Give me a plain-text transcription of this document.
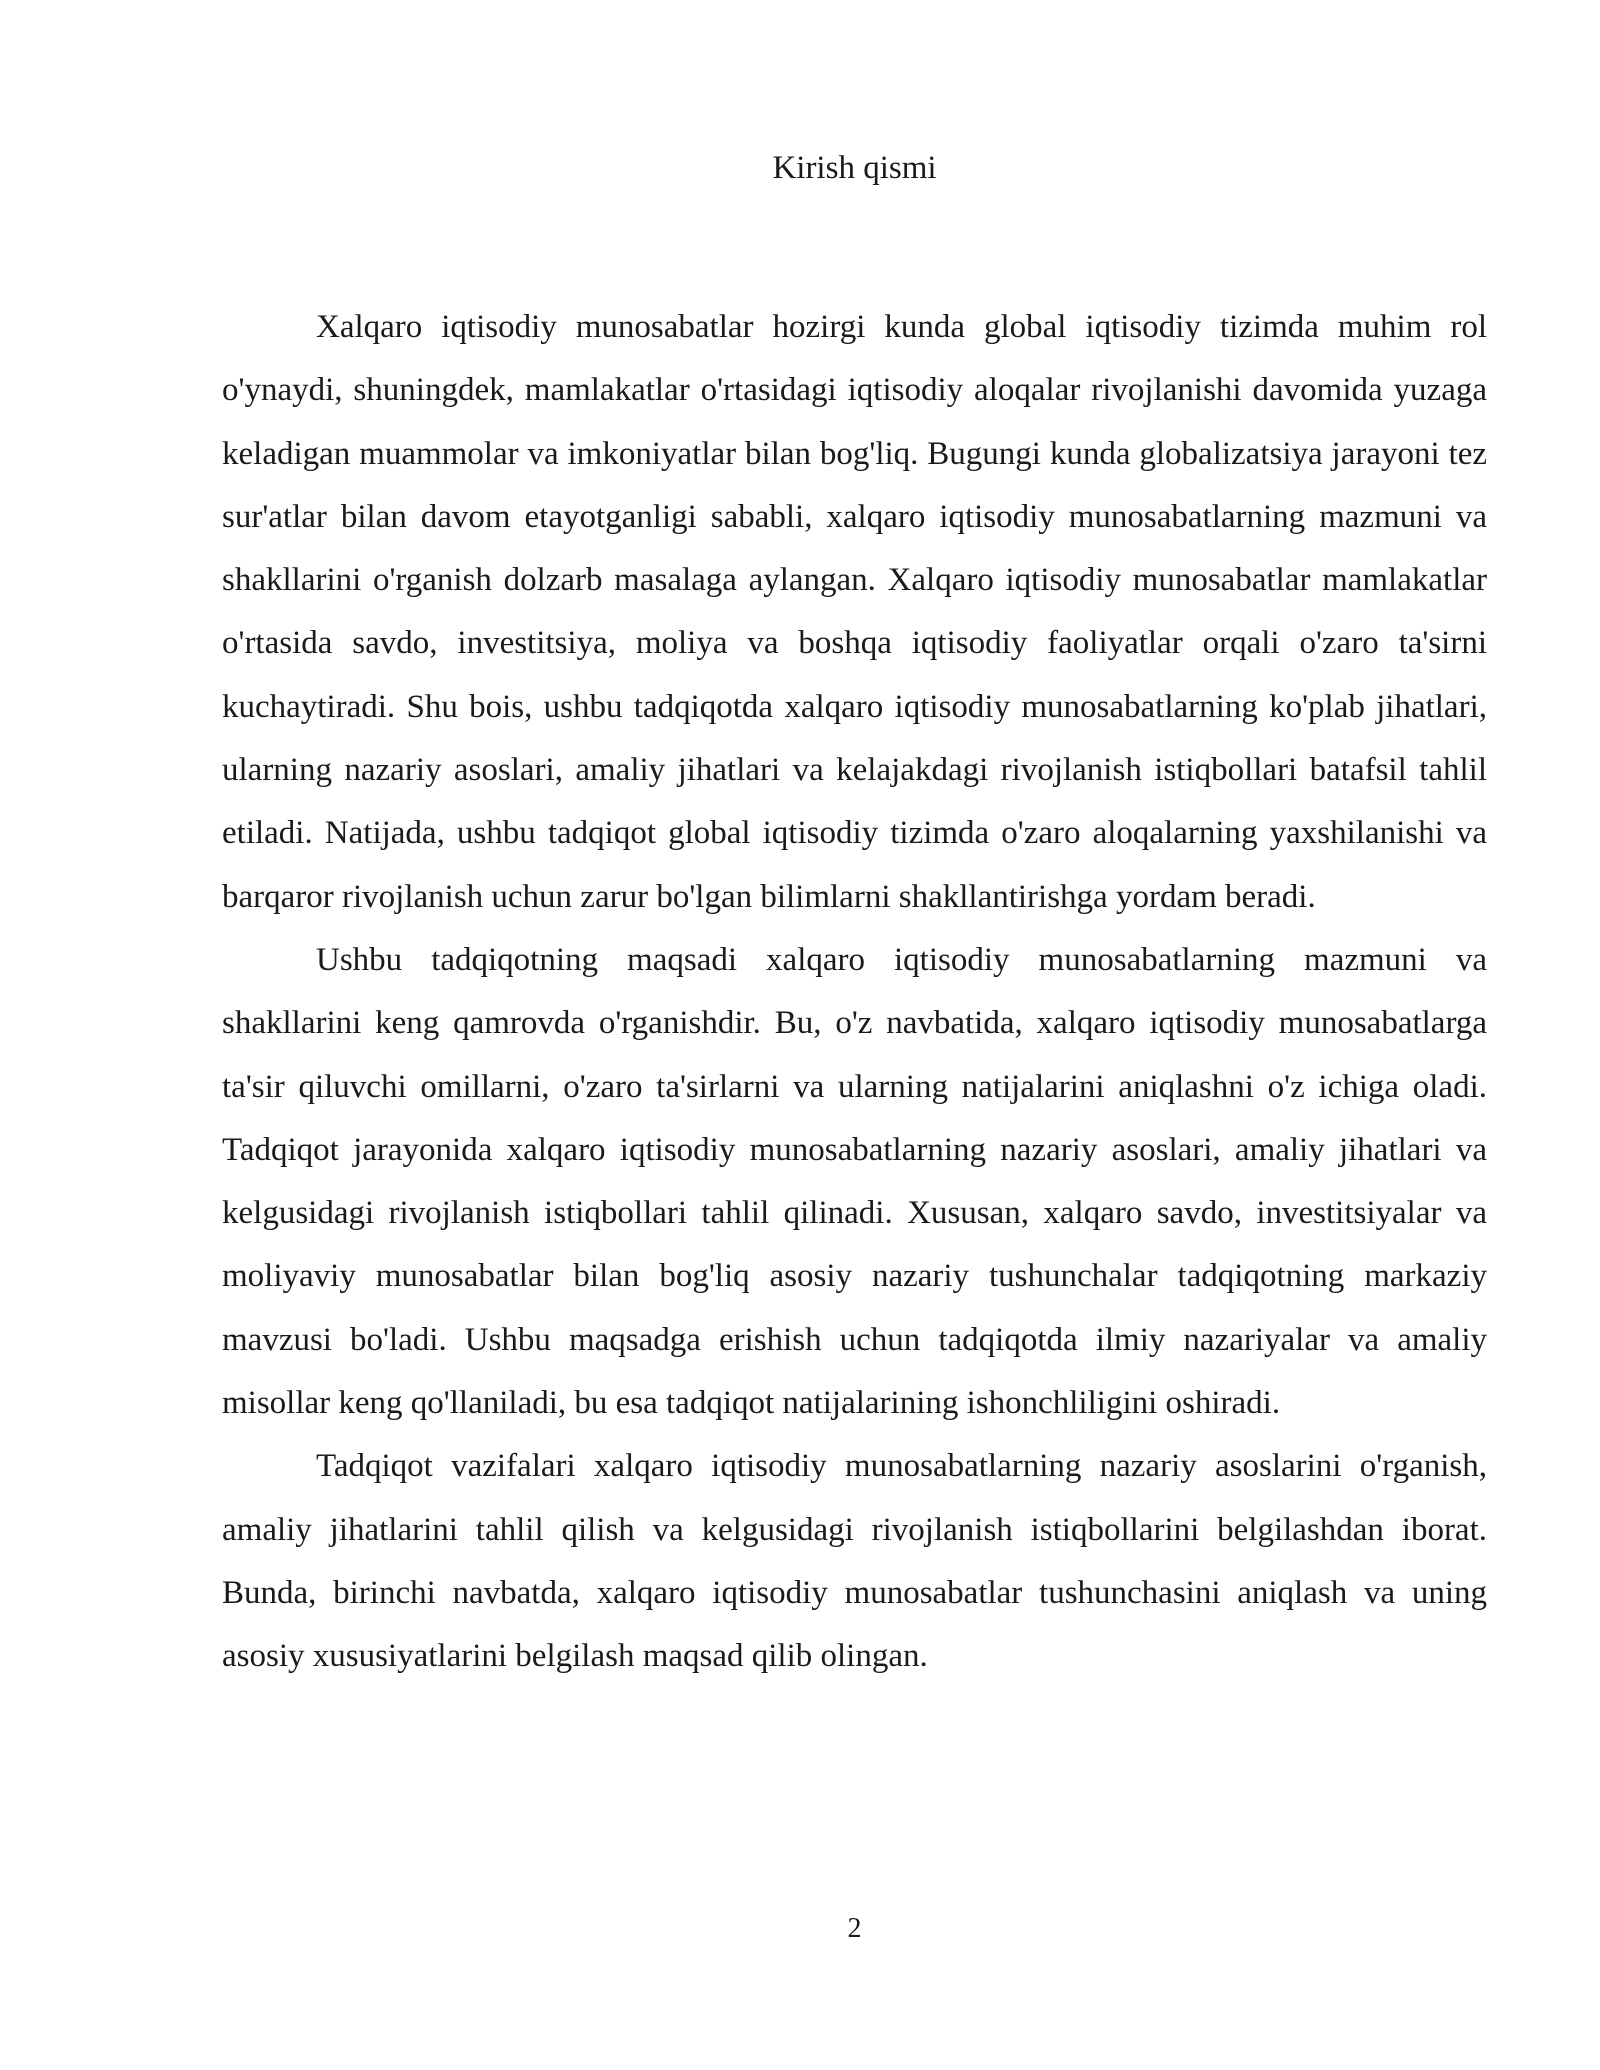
Kirish qismi

Xalqaro iqtisodiy munosabatlar hozirgi kunda global iqtisodiy tizimda muhim rol o'ynaydi, shuningdek, mamlakatlar o'rtasidagi iqtisodiy aloqalar rivojlanishi davomida yuzaga keladigan muammolar va imkoniyatlar bilan bog'liq. Bugungi kunda globalizatsiya jarayoni tez sur'atlar bilan davom etayotganligi sababli, xalqaro iqtisodiy munosabatlarning mazmuni va shakllarini o'rganish dolzarb masalaga aylangan. Xalqaro iqtisodiy munosabatlar mamlakatlar o'rtasida savdo, investitsiya, moliya va boshqa iqtisodiy faoliyatlar orqali o'zaro ta'sirni kuchaytiradi. Shu bois, ushbu tadqiqotda xalqaro iqtisodiy munosabatlarning ko'plab jihatlari, ularning nazariy asoslari, amaliy jihatlari va kelajakdagi rivojlanish istiqbollari batafsil tahlil etiladi. Natijada, ushbu tadqiqot global iqtisodiy tizimda o'zaro aloqalarning yaxshilanishi va barqaror rivojlanish uchun zarur bo'lgan bilimlarni shakllantirishga yordam beradi.

Ushbu tadqiqotning maqsadi xalqaro iqtisodiy munosabatlarning mazmuni va shakllarini keng qamrovda o'rganishdir. Bu, o'z navbatida, xalqaro iqtisodiy munosabatlarga ta'sir qiluvchi omillarni, o'zaro ta'sirlarni va ularning natijalarini aniqlashni o'z ichiga oladi. Tadqiqot jarayonida xalqaro iqtisodiy munosabatlarning nazariy asoslari, amaliy jihatlari va kelgusidagi rivojlanish istiqbollari tahlil qilinadi. Xususan, xalqaro savdo, investitsiyalar va moliyaviy munosabatlar bilan bog'liq asosiy nazariy tushunchalar tadqiqotning markaziy mavzusi bo'ladi. Ushbu maqsadga erishish uchun tadqiqotda ilmiy nazariyalar va amaliy misollar keng qo'llaniladi, bu esa tadqiqot natijalarining ishonchliligini oshiradi.

Tadqiqot vazifalari xalqaro iqtisodiy munosabatlarning nazariy asoslarini o'rganish, amaliy jihatlarini tahlil qilish va kelgusidagi rivojlanish istiqbollarini belgilashdan iborat. Bunda, birinchi navbatda, xalqaro iqtisodiy munosabatlar tushunchasini aniqlash va uning asosiy xususiyatlarini belgilash maqsad qilib olingan.

2
